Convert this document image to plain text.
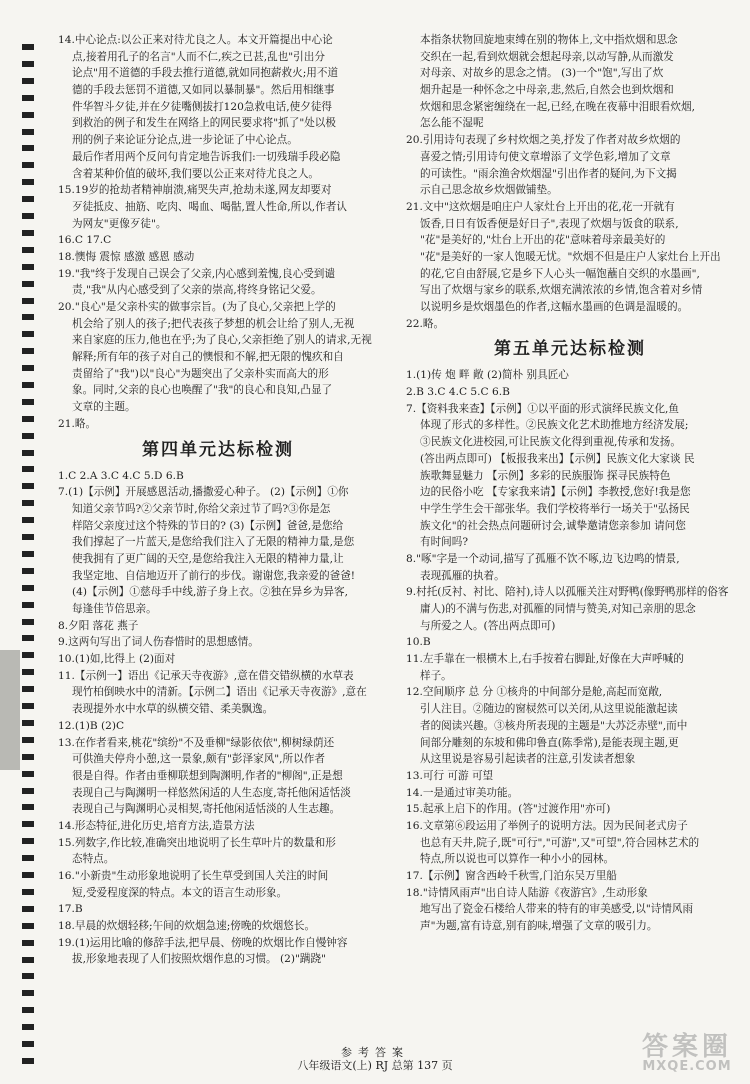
14.中心论点:以公正来对待尤良之人。本文开篇提出中心论
点,接着用孔子的名言"人而不仁,疾之已甚,乱也"引出分
论点"用不道德的手段去推行道德,就如同抱薪救火;用不道
德的手段去惩罚不道德,又如同以暴制暴"。然后用相继事
件华智斗夕徒,并在夕徒嘴侧拔打120急救电话,使夕徒得
到救治的例子和发生在网络上的网民要求将"抓了"处以极
刑的例子来论证分论点,进一步论证了中心论点。
最后作者用两个反问句肯定地告诉我们:一切残瑞手段必隐
含着某种价值的破坏,我们要以公正来对待尤良之人。
15.19岁的抢劫者精神崩溃,痛哭失声,抢劫未遂,网友却要对
歹徒抵皮、抽筋、吃肉、喝血、喝骷,置人性命,所以,作者认
为网友"更像歹徒"。
16.C 17.C
18.懊悔 震惊 感激 感恩 感动
19."我"终于发现自己误会了父亲,内心感到羞愧,良心受到谴
责,"我"从内心感受到了父亲的崇高,将终身铭记父爱。
20."良心"是父亲朴实的做事宗旨。(为了良心,父亲把上学的
机会给了别人的孩子;把代表孩子梦想的机会让给了别人,无视
来自家庭的压力,他也在乎;为了良心,父亲拒绝了别人的请求,无视
解释;所有年的孩子对自己的懊恨和不解,把无限的愧疚和自
责留给了"我")以"良心"为题突出了父亲朴实而高大的形
象。同时,父亲的良心也唤醒了"我"的良心和良知,凸显了
文章的主题。
21.略。
第四单元达标检测
1.C 2.A 3.C 4.C 5.D 6.B
7.(1)【示例】开展感恩活动,播撒爱心种子。 (2)【示例】①你
知道父亲节吗?②父亲节时,你给父亲过节了吗?③你是怎
样陪父亲度过这个特殊的节日的? (3)【示例】爸爸,是您给
我们撑起了一片蓝天,是您给我们注入了无限的精神力量,是您
使我拥有了更广阔的天空,是您给我注入无限的精神力量,让
我坚定地、自信地迈开了前行的步伐。谢谢您,我亲爱的爸爸!
(4)【示例】①慈母手中线,游子身上衣。②独在异乡为异客,
每逢佳节倍思亲。
8.夕阳 落花 燕子
9.这两句写出了词人伤春惜时的思想感情。
10.(1)如,比得上 (2)面对
11.【示例一】语出《记承天寺夜游》,意在借交错纵横的水草表
现竹柏倒映水中的清新。【示例二】语出《记承天寺夜游》,意在
表现提外水中水草的纵横交错、柔美飘逸。
12.(1)B (2)C
13.在作者看来,桃花"缤纷"不及垂柳"绿影依依",柳树绿荫还
可供渔夫停舟小憩,这一景象,颇有"彭泽家风",所以作者
很是自得。作者由垂柳联想到陶渊明,作者的"柳阁",正是想
表现自己与陶渊明一样悠然闲适的人生态度,寄托他闲适恬淡
表现自己与陶渊明心灵相契,寄托他闲适恬淡的人生志趣。
14.形态特征,进化历史,培育方法,造景方法
15.列数字,作比较,准确突出地说明了长生草叶片的数量和形
态特点。
16."小新贵"生动形象地说明了长生草受到国人关注的时间
短,受爱程度深的特点。本文的语言生动形象。
17.B
18.早晨的炊烟轻移;午间的炊烟急速;傍晚的炊烟悠长。
19.(1)运用比喻的修辞手法,把早晨、傍晚的炊烟比作自慢钟容
拔,形象地表现了人们按照炊烟作息的习惯。 (2)"蹒跷"
本指条状物回旋地束缚在别的物体上,文中指炊烟和思念
交织在一起,看到炊烟就会想起母亲,以动写静,从而激发
对母亲、对故乡的思念之情。 (3)一个"饱",写出了炊
烟升起是一种怀念之中母亲,悲,然后,自然会也到炊烟和
炊烟和思念紧密缠绕在一起,已经,在晚在夜幕中泪眼看炊烟,
怎么能不湿呢
20.引用诗句表现了乡村炊烟之美,抒发了作者对故乡炊烟的
喜爱之情;引用诗句使文章增添了文学色彩,增加了文章
的可读性。"雨余渔舍炊烟湿"引出作者的疑问,为下文揭
示自己思念故乡炊烟做铺垫。
21.文中"这炊烟是咱庄户人家灶台上开出的花,花一开就有
饭香,日日有饭香便是好日子",表现了炊烟与饭食的联系,
"花"是美好的,"灶台上开出的花"意味着母亲最美好的
"花"是美好的一家人饱暖无忧。"炊烟不但是庄户人家灶台上开出
的花,它自由舒展,它是乡下人心头一幅饱蘸自交织的水墨画",
写出了炊烟与家乡的联系,炊烟充满浓浓的乡情,饱含着对乡情
以说明乡是炊烟墨色的作者,这幅水墨画的色调是温暖的。
22.略。
第五单元达标检测
1.(1)传 炮 畔 敞 (2)简朴 别具匠心
2.B 3.C 4.C 5.C 6.B
7.【资料我来查】【示例】①以平面的形式演绎民族文化,鱼
体现了形式的多样性。②民族文化艺术助推地方经济发展;
③民族文化进校园,可让民族文化得到重视,传承和发扬。
(答出两点即可) 【板报我来出】【示例】民族文化大家谈 民
族歌舞显魅力 【示例】多彩的民族服饰 探寻民族特色
边的民俗小吃 【专家我来请】【示例】李教授,您好!我是您
中学生学生会干部张华。我们学校将举行一场关于"弘扬民
族文化"的社会热点问题研讨会,诚挚邀请您亲参加 请问您
有时间吗?
8."啄"字是一个动词,描写了孤雁不饮不啄,边飞边鸣的情景,
表现孤雁的执着。
9.村托(反衬、衬比、陪衬),诗人以孤雁关注对野鸭(像野鸭那样的俗客
庸人)的不满与伤悲,对孤雁的同情与赞美,对知己亲朋的思念
与所爱之人。(答出两点即可)
10.B
11.左手靠在一根横木上,右手按着右脚趾,好像在大声呼喊的
样子。
12.空间顺序 总 分 ①核舟的中间部分是舱,高起而宽敞,
引人注目。②随边的窗棂然可以关闭,从这里说能激起读
者的阅读兴趣。③核舟所表现的主题是"大苏泛赤壁",而中
间部分雕刻的东坡和佛印鲁直(陈季常),是能表现主题,更
从这里说是容易引起读者的注意,引发读者想象
13.可行 可游 可望
14.一是通过审美功能。
15.起承上启下的作用。(答"过渡作用"亦可)
16.文章第⑥段运用了举例子的说明方法。因为民间老式房子
也总有天井,院子,既"可行","可游",又"可望",符合园林艺术的
特点,所以说也可以算作一种小小的园林。
17.【示例】窗含西岭千秋雪,门泊东吴万里船
18."诗情风雨声"出自诗人陆游《夜游宫》,生动形象
地写出了瓷金石楼给人带来的特有的审美感受,以"诗情风雨
声"为题,富有诗意,别有韵味,增强了文章的吸引力。
参考答案
八年级语文(上) RJ 总第 137 页
答案圈
MXQE.COM
